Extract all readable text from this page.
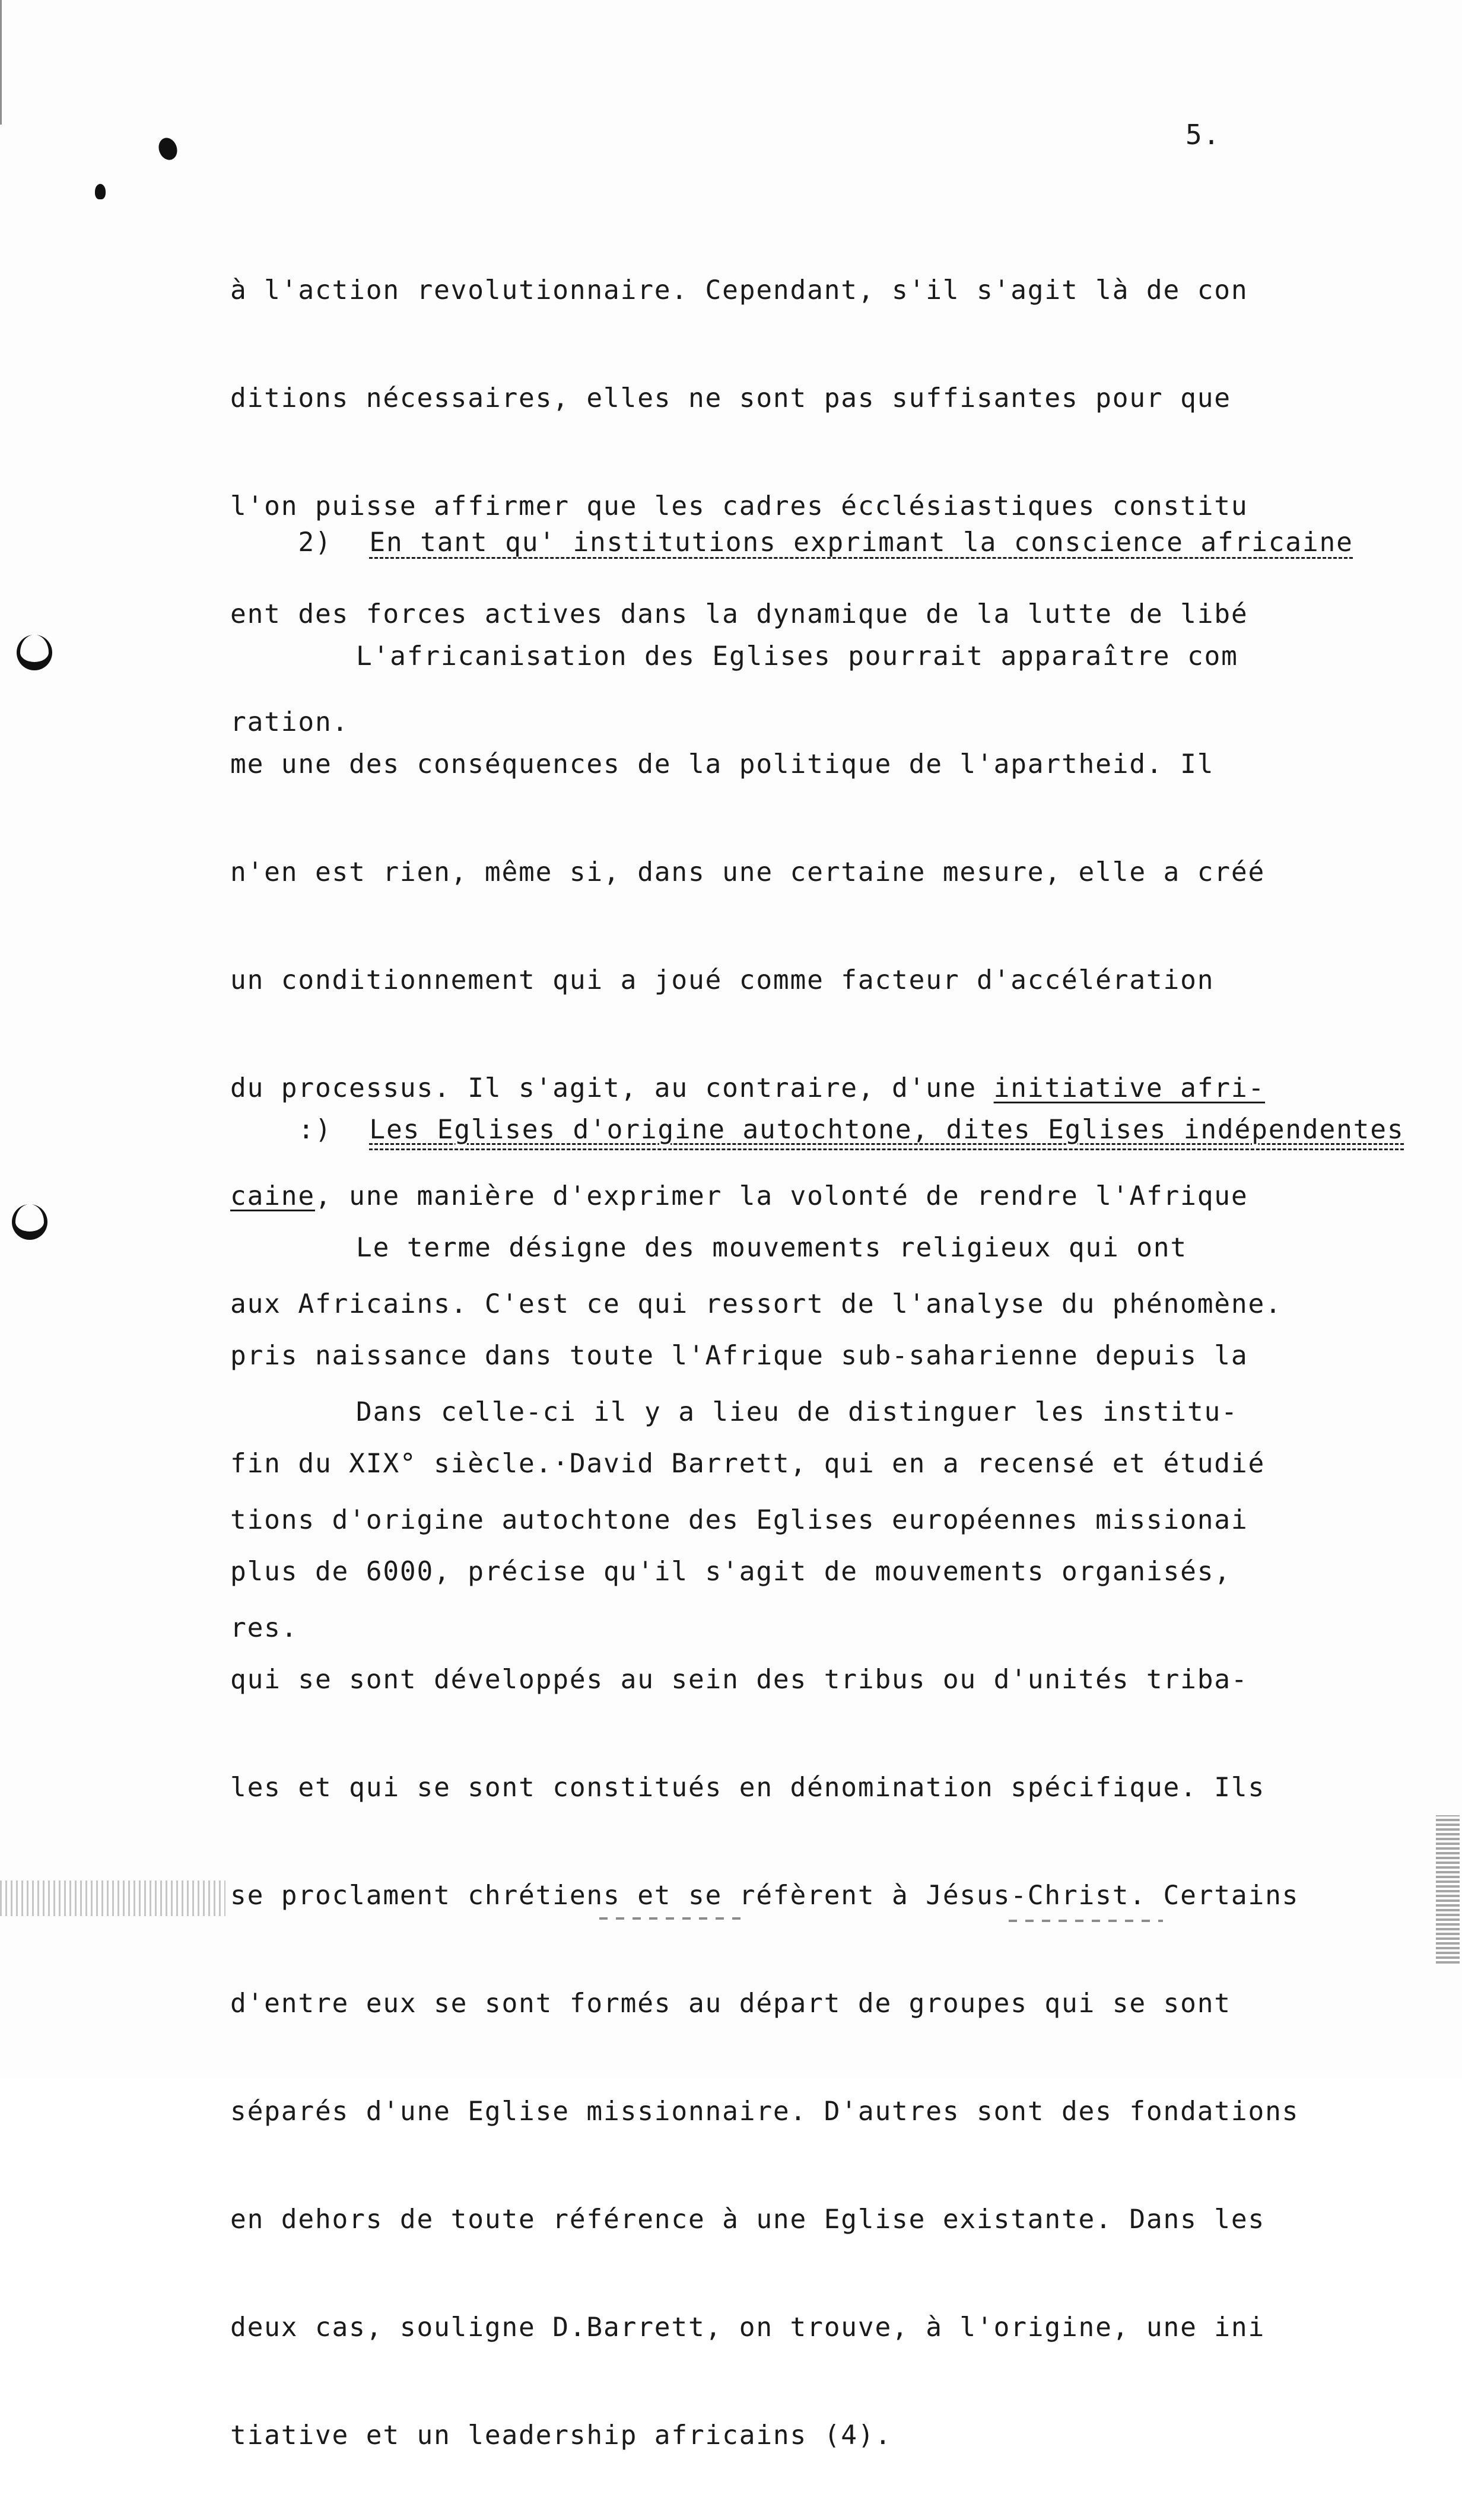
5.

à l'action revolutionnaire. Cependant, s'il s'agit là de con

ditions nécessaires, elles ne sont pas suffisantes pour que

l'on puisse affirmer que les cadres écclésiastiques constitu

ent des forces actives dans la dynamique de la lutte de libé

ration.

2) En tant qu' institutions exprimant la conscience africaine

L'africanisation des Eglises pourrait apparaître com

me une des conséquences de la politique de l'apartheid. Il

n'en est rien, même si, dans une certaine mesure, elle a créé

un conditionnement qui a joué comme facteur d'accélération

du processus. Il s'agit, au contraire, d'une initiative afri-

caine, une manière d'exprimer la volonté de rendre l'Afrique

aux Africains. C'est ce qui ressort de l'analyse du phénomène.

Dans celle-ci il y a lieu de distinguer les institu-

tions d'origine autochtone des Eglises européennes missionai

res.

:) Les Eglises d'origine autochtone, dites Eglises indépendentes

Le terme désigne des mouvements religieux qui ont

pris naissance dans toute l'Afrique sub-saharienne depuis la

fin du XIX° siècle.·David Barrett, qui en a recensé et étudié

plus de 6000, précise qu'il s'agit de mouvements organisés,

qui se sont développés au sein des tribus ou d'unités triba-

les et qui se sont constitués en dénomination spécifique. Ils

se proclament chrétiens et se réfèrent à Jésus-Christ. Certains

d'entre eux se sont formés au départ de groupes qui se sont

séparés d'une Eglise missionnaire. D'autres sont des fondations

en dehors de toute référence à une Eglise existante. Dans les

deux cas, souligne D.Barrett, on trouve, à l'origine, une ini

tiative et un leadership africains (4).
